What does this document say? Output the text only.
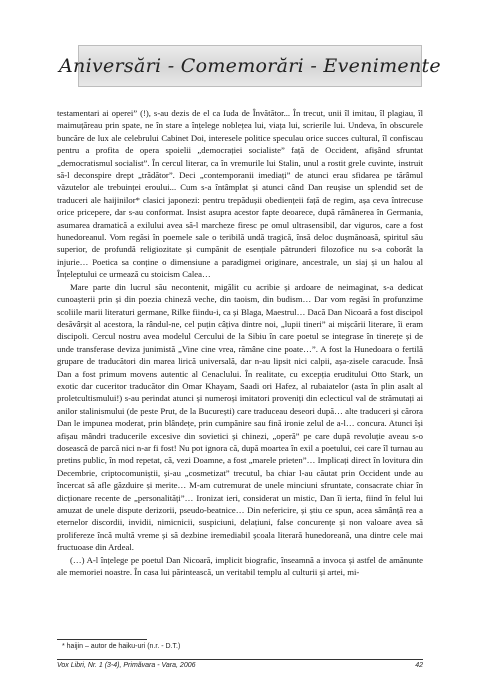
Aniversări - Comemorări - Evenimente

testamentari ai operei” (!), s-au dezis de el ca Iuda de Învătător... În trecut, unii îl imitau, îl plagiau, îl maimuțăreau prin spate, ne în stare a înțelege noblețea lui, viața lui, scrierile lui. Undeva, în obscurele buncăre de lux ale celebrului Cabinet Doi, interesele politice speculau orice succes cultural, îl confiscau pentru a profita de opera spoielii „democrației socialiste” față de Occident, afișând sfruntat „democratismul socialist”. În cercul literar, ca în vremurile lui Stalin, unul a rostit grele cuvinte, instruit să-l deconspire drept „trădător”. Deci „contemporanii imediați” de atunci erau sfidarea pe tărâmul văzutelor ale trebuinței eroului... Cum s-a întâmplat și atunci când Dan reușise un splendid set de traduceri ale haijinilor* clasici japonezi: pentru trepădușii obediențeii față de regim, așa ceva întrecuse orice pricepere, dar s-au conformat. Insist asupra acestor fapte deoarece, după rămânerea în Germania, asumarea dramatică a exilului avea să-l marcheze firesc pe omul ultrasensibil, dar viguros, care a fost hunedoreanul. Vom regăsi în poemele sale o teribilă undă tragică, însă deloc dușmănoasă, spiritul său superior, de profundă religiozitate și cumpănit de esențiale pătrunderi filozofice nu s-a coborât la injurie… Poetica sa conține o dimensiune a paradigmei originare, ancestrale, un siaj și un halou al Înțeleptului ce urmează cu stoicism Calea…

Mare parte din lucrul său necontenit, migălit cu acribie și ardoare de neimaginat, s-a dedicat cunoașterii prin și din poezia chineză veche, din taoism, din budism… Dar vom regăsi în profunzime scoliile marii literaturi germane, Rilke fiindu-i, ca și Blaga, Maestrul… Dacă Dan Nicoară a fost discipol desăvârșit al acestora, la rândul-ne, cel puțin câțiva dintre noi, „lupii tineri” ai mișcării literare, îi eram discipoli. Cercul nostru avea modelul Cercului de la Sibiu în care poetul se integrase în tinerețe și de unde transferase deviza junimistă „Vine cine vrea, rămâne cine poate…”. A fost la Hunedoara o fertilă grupare de traducători din marea lirică universală, dar n-au lipsit nici calpii, așa-zisele caracude. Însă Dan a fost primum movens autentic al Cenaclului. În realitate, cu excepția eruditului Otto Stark, un exotic dar cuceritor traducător din Omar Khayam, Saadi ori Hafez, al rubaiatelor (asta în plin asalt al proletcultismului!) s-au perindat atunci și numeroși imitatori proveniți din eclecticul val de strămutați ai anilor stalinismului (de peste Prut, de la București) care traduceau deseori după… alte traduceri și cărora Dan le impunea moderat, prin blândețe, prin cumpănire sau fină ironie zelul de a-l… concura. Atunci își afișau mândri traducerile excesive din sovietici și chinezi, „operă” pe care după revoluție aveau s-o dosească de parcă nici n-ar fi fost! Nu pot ignora că, după moartea în exil a poetului, cei care îl turnau au pretins public, în mod repetat, că, vezi Doamne, a fost „marele prieten”… Implicați direct în lovitura din Decembrie, criptocomuniștii, și-au „cosmetizat” trecutul, ba chiar l-au căutat prin Occident unde au încercat să afle găzduire și merite… M-am cutremurat de unele minciuni sfruntate, consacrate chiar în dicționare recente de „personalități”… Ironizat ieri, considerat un mistic, Dan îi ierta, fiind în felul lui amuzat de unele dispute derizorii, pseudo-beatnice… Din nefericire, și știu ce spun, acea sămânță rea a eternelor discordii, invidii, nimicnicii, suspiciuni, delațiuni, false concurențe și non valoare avea să prolifereze încă multă vreme și să dezbine iremediabil școala literară hunedoreană, una dintre cele mai fructuoase din Ardeal.

(…) A-l înțelege pe poetul Dan Nicoară, implicit biografic, înseamnă a invoca și astfel de amănunte ale memoriei noastre. În casa lui părintească, un veritabil templu al culturii și artei, mi-

* haijin – autor de haiku-uri (n.r. - D.T.)
Vox Libri, Nr. 1 (3-4), Primăvara - Vara, 2006	42
